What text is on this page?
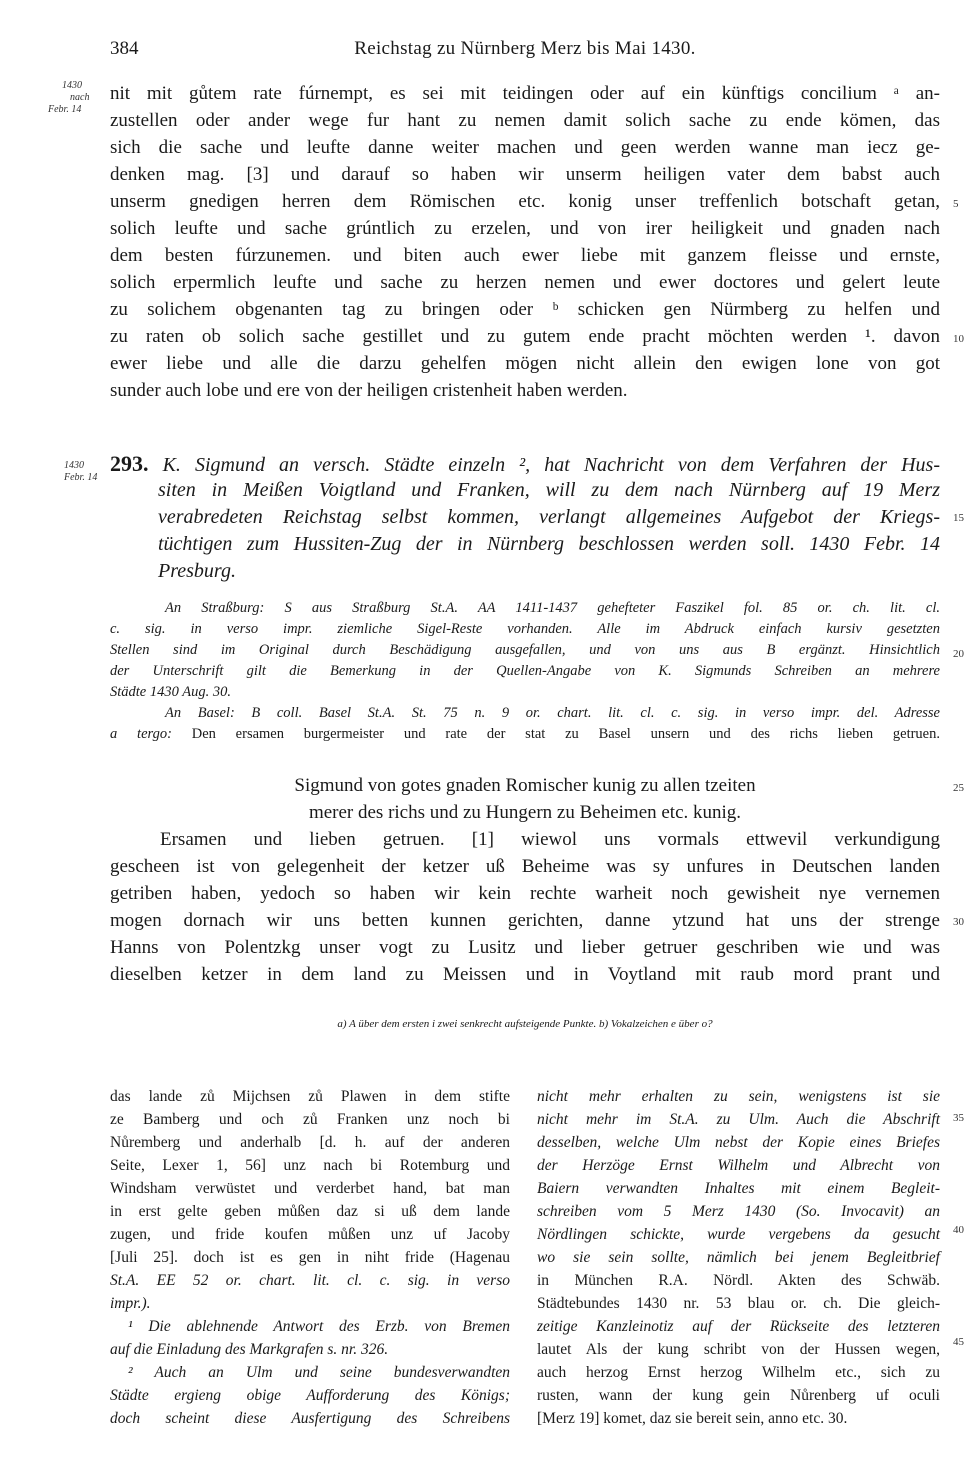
384	Reichstag zu Nürnberg Merz bis Mai 1430.
1430
nach
Febr. 14
1430
Febr. 14
5
10
15
20
25
30
35
40
45
nit mit gůtem rate fúrnempt, es sei mit teidingen oder auf ein künftigs concilium ᵃ an-
zustellen oder ander wege fur hant zu nemen damit solich sache zu ende kömen, das
sich die sache und leufte danne weiter machen und geen werden wanne man iecz ge-
denken mag. [3] und darauf so haben wir unserm heiligen vater dem babst auch
unserm gnedigen herren dem Römischen etc. konig unser treffenlich botschaft getan,
solich leufte und sache grúntlich zu erzelen, und von irer heiligkeit und gnaden nach
dem besten fúrzunemen. und biten auch ewer liebe mit ganzem fleisse und ernste,
solich erpermlich leufte und sache zu herzen nemen und ewer doctores und gelert leute
zu solichem obgenanten tag zu bringen oder ᵇ schicken gen Nürmberg zu helfen und
zu raten ob solich sache gestillet und zu gutem ende pracht möchten werden ¹. davon
ewer liebe und alle die darzu gehelfen mögen nicht allein den ewigen lone von got
sunder auch lobe und ere von der heiligen cristenheit haben werden.
293. K. Sigmund an versch. Städte einzeln ², hat Nachricht von dem Verfahren der Hus-
siten in Meißen Voigtland und Franken, will zu dem nach Nürnberg auf 19 Merz
verabredeten Reichstag selbst kommen, verlangt allgemeines Aufgebot der Kriegs-
tüchtigen zum Hussiten-Zug der in Nürnberg beschlossen werden soll. 1430 Febr. 14
Presburg.
An Straßburg: S aus Straßburg St.A. AA 1411-1437 gehefteter Faszikel fol. 85 or. ch. lit. cl.
c. sig. in verso impr. ziemliche Sigel-Reste vorhanden. Alle im Abdruck einfach kursiv gesetzten
Stellen sind im Original durch Beschädigung ausgefallen, und von uns aus B ergänzt. Hinsichtlich
der Unterschrift gilt die Bemerkung in der Quellen-Angabe von K. Sigmunds Schreiben an mehrere
Städte 1430 Aug. 30.
An Basel: B coll. Basel St.A. St. 75 n. 9 or. chart. lit. cl. c. sig. in verso impr. del. Adresse
a tergo: Den ersamen burgermeister und rate der stat zu Basel unsern und des richs lieben getruen.
Sigmund von gotes gnaden Romischer kunig zu allen tzeiten
merer des richs und zu Hungern zu Beheimen etc. kunig.
Ersamen und lieben getruen. [1] wiewol uns vormals ettwevil verkundigung
gescheen ist von gelegenheit der ketzer uß Beheime was sy unfures in Deutschen landen
getriben haben, yedoch so haben wir kein rechte warheit noch gewisheit nye vernemen
mogen dornach wir uns betten kunnen gerichten, danne ytzund hat uns der strenge
Hanns von Polentzkg unser vogt zu Lusitz und lieber getruer geschriben wie und was
dieselben ketzer in dem land zu Meissen und in Voytland mit raub mord prant und
a) A über dem ersten i zwei senkrecht aufsteigende Punkte. b) Vokalzeichen e über o?
das lande zů Mijchsen zů Plawen in dem stifte
ze Bamberg und och zů Franken unz noch bi
Nůremberg und anderhalb [d. h. auf der anderen
Seite, Lexer 1, 56] unz nach bi Rotemburg und
Windsham verwüstet und verderbet hand, bat man
in erst gelte geben můßen daz si uß dem lande
zugen, und fride koufen můßen unz uf Jacoby
[Juli 25]. doch ist es gen in niht fride (Hagenau
St.A. EE 52 or. chart. lit. cl. c. sig. in verso
impr.).
¹ Die ablehnende Antwort des Erzb. von Bremen
auf die Einladung des Markgrafen s. nr. 326.
² Auch an Ulm und seine bundesverwandten
Städte ergieng obige Aufforderung des Königs;
doch scheint diese Ausfertigung des Schreibens
nicht mehr erhalten zu sein, wenigstens ist sie
nicht mehr im St.A. zu Ulm. Auch die Abschrift
desselben, welche Ulm nebst der Kopie eines Briefes
der Herzöge Ernst Wilhelm und Albrecht von
Baiern verwandten Inhaltes mit einem Begleit-
schreiben vom 5 Merz 1430 (So. Invocavit) an
Nördlingen schickte, wurde vergebens da gesucht
wo sie sein sollte, nämlich bei jenem Begleitbrief
in München R.A. Nördl. Akten des Schwäb.
Städtebundes 1430 nr. 53 blau or. ch. Die gleich-
zeitige Kanzleinotiz auf der Rückseite des letzteren
lautet Als der kung schribt von der Hussen wegen,
auch herzog Ernst herzog Wilhelm etc., sich zu
rusten, wann der kung gein Nůrenberg uf oculi
[Merz 19] komet, daz sie bereit sein, anno etc. 30.
